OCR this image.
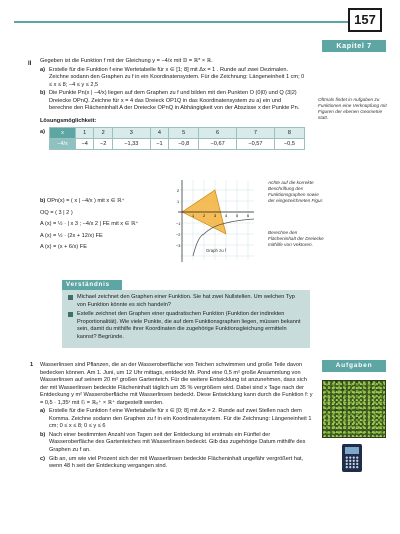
157
Kapitel 7
II Gegeben ist die Funktion f mit der Gleichung y = −4/x mit 𝔻 = ℝ* × ℝ.
a) Erstelle für die Funktion f eine Wertetabelle für x ∈ [1; 8] mit Δx = 1 . Runde auf zwei Dezimalen. Zeichne sodann den Graphen zu f in ein Koordinatensystem. Für die Zeichnung: Längeneinheit 1 cm; 0 ≤ x ≤ 8; −4 ≤ y ≤ 2,5
b) Die Punkte Pn(x | −4/x) liegen auf dem Graphen zu f und bilden mit den Punkten O (0|0) und Q (3|2) Dreiecke OPnQ. Zeichne für x = 4 das Dreieck OP1Q in das Koordinatensystem zu a) ein und berechne den Flächeninhalt A der Dreiecke OPnQ in Abhängigkeit von der Abszisse x der Punkte Pn.
Lösungsmöglichkeit:
a)	x	1	2	3	4	5	6	7	8
−4/x	−4	−2	−1,33	−1	−0,8	−0,67	−0,57	−0,5
Oftmals findet in Aufgaben zu Funktionen eine Verknüpfung mit Figuren der ebenen Geometrie statt.
Achte auf die korrekte Beschriftung des Funktionsgraphen sowie der eingezeichneten Figur.
Berechne den Flächeninhalt der Dreiecke mithilfe von Vektoren.
b) OPn(x) = ( x | −4/x ) mit x ∈ ℝ⁺
OQ = ( 3 | 2 )
A (x) = ½ · | x 3 ; −4/x 2 | FE mit x ∈ ℝ⁺
A (x) = ½ · (2x + 12/x) FE
A (x) = (x + 6/x) FE
Graph zu f
2
1
−1
−2
−3
1 2 3 4 5 6
Verständnis
Michael zeichnet den Graphen einer Funktion. Sie hat zwei Nullstellen. Um welchen Typ von Funktion könnte es sich handeln?
Estelle zeichnet den Graphen einer quadratischen Funktion (Funktion der indirekten Proportionalität). Wie viele Punkte, die auf dem Funktionsgraphen liegen, müssen bekannt sein, damit du mithilfe ihrer Koordinaten die zugehörige Funktionsgleichung ermitteln kannst? Begründe.
Aufgaben
1 Wasserlinsen sind Pflanzen, die an der Wasseroberfläche von Teichen schwimmen und große Teile davon bedecken können. Am 1. Juni, um 12 Uhr mittags, entdeckt Mr. Pond eine 0,5 m² große Ansammlung von Wasserlinsen auf seinem 20 m² großen Gartenteich. Für die weitere Entwicklung ist anzunehmen, dass sich der mit Wasserlinsen bedeckte Flächeninhalt täglich um 35 % vergrößern wird. Dabei sind x Tage nach der Entdeckung y m² Wasseroberfläche mit Wasserlinsen bedeckt. Diese Entwicklung kann durch die Funktion f: y = 0,5 · 1,35ˣ mit 𝔾 = ℝ₀⁺ × ℝ⁺ dargestellt werden.
a) Erstelle für die Funktion f eine Wertetabelle für x ∈ [0; 8] mit Δx = 2. Runde auf zwei Stellen nach dem Komma. Zeichne sodann den Graphen zu f in ein Koordinatensystem. Für die Zeichnung: Längeneinheit 1 cm; 0 ≤ x ≤ 8; 0 ≤ y ≤ 6
b) Nach einer bestimmten Anzahl von Tagen seit der Entdeckung ist erstmals ein Fünftel der Wasseroberfläche des Gartenteiches mit Wasserlinsen bedeckt. Gib das zugehörige Datum mithilfe des Graphen zu f an.
c) Gib an, um wie viel Prozent sich der mit Wasserlinsen bedeckte Flächeninhalt ungefähr vergrößert hat, wenn 48 h seit der Entdeckung vergangen sind.
